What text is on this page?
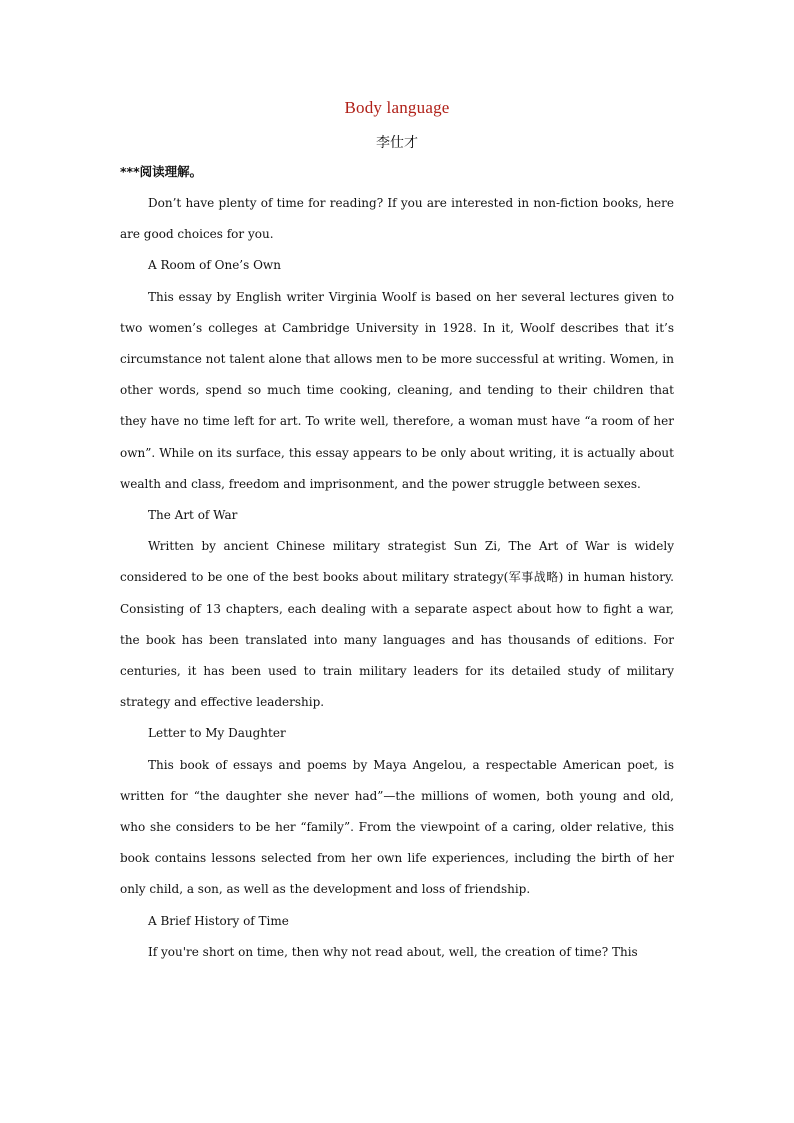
Body language
李仕才
***阅读理解。

Don’t have plenty of time for reading? If you are interested in non-fiction books, here are good choices for you.

A Room of One’s Own

This essay by English writer Virginia Woolf is based on her several lectures given to two women’s colleges at Cambridge University in 1928. In it, Woolf describes that it’s circumstance not talent alone that allows men to be more successful at writing. Women, in other words, spend so much time cooking, cleaning, and tending to their children that they have no time left for art. To write well, therefore, a woman must have “a room of her own”. While on its surface, this essay appears to be only about writing, it is actually about wealth and class, freedom and imprisonment, and the power struggle between sexes.

The Art of War

Written by ancient Chinese military strategist Sun Zi, The Art of War is widely considered to be one of the best books about military strategy(军事战略) in human history. Consisting of 13 chapters, each dealing with a separate aspect about how to fight a war, the book has been translated into many languages and has thousands of editions. For centuries, it has been used to train military leaders for its detailed study of military strategy and effective leadership.

Letter to My Daughter

This book of essays and poems by Maya Angelou, a respectable American poet, is written for “the daughter she never had”—the millions of women, both young and old, who she considers to be her “family”. From the viewpoint of a caring, older relative, this book contains lessons selected from her own life experiences, including the birth of her only child, a son, as well as the development and loss of friendship.

A Brief History of Time

If you're short on time, then why not read about, well, the creation of time? This
